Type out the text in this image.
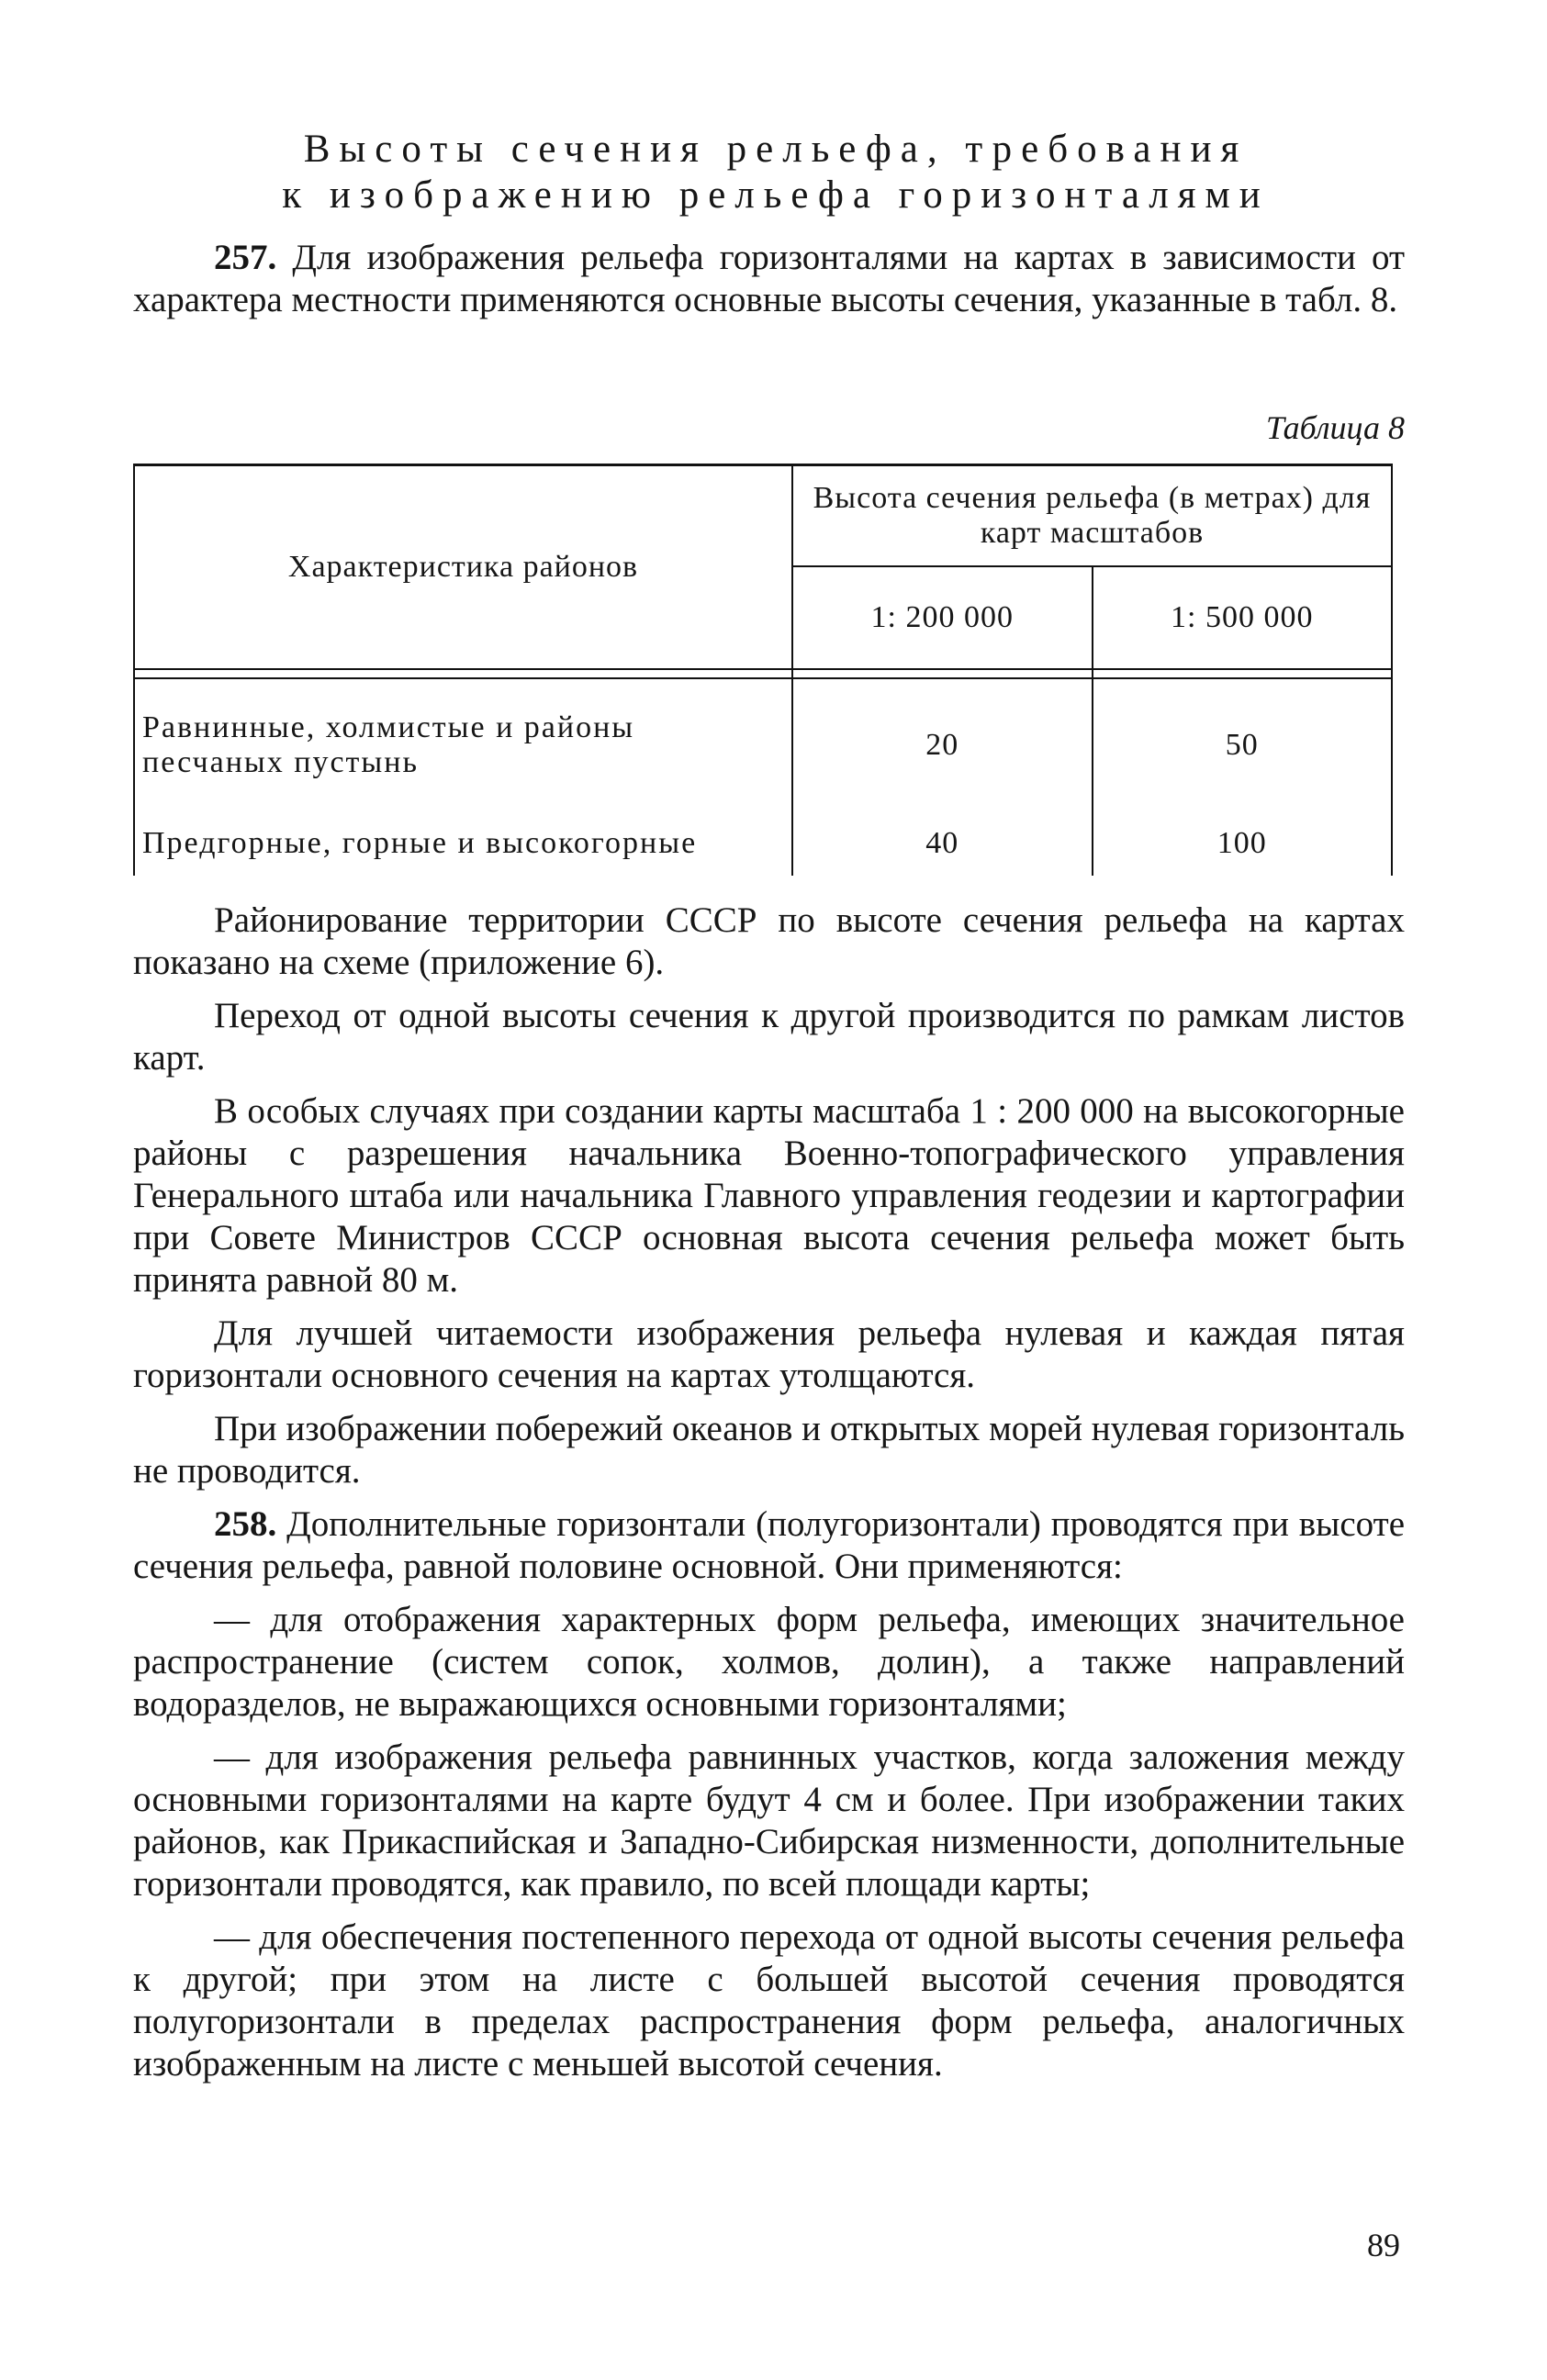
Высоты сечения рельефа, требования
к изображению рельефа горизонталями

257. Для изображения рельефа горизонталями на картах в зависимости от характера местности применяются основные высоты сечения, указанные в табл. 8.

Таблица 8
Характеристика районов	Высота сечения рельефа (в метрах) для карт масштабов	
	1: 200 000	1: 500 000

Равнинные, холмистые и районы песчаных пустынь	20	50
Предгорные, горные и высокогорные	40	100

Районирование территории СССР по высоте сечения рельефа на картах показано на схеме (приложение 6).

Переход от одной высоты сечения к другой производится по рамкам листов карт.

В особых случаях при создании карты масштаба 1 : 200 000 на высокогорные районы с разрешения начальника Военно-топографического управления Генерального штаба или начальника Главного управления геодезии и картографии при Совете Министров СССР основная высота сечения рельефа может быть принята равной 80 м.

Для лучшей читаемости изображения рельефа нулевая и каждая пятая горизонтали основного сечения на картах утолщаются.

При изображении побережий океанов и открытых морей нулевая горизонталь не проводится.

258. Дополнительные горизонтали (полугоризонтали) проводятся при высоте сечения рельефа, равной половине основной. Они применяются:

— для отображения характерных форм рельефа, имеющих значительное распространение (систем сопок, холмов, долин), а также направлений водоразделов, не выражающихся основными горизонталями;

— для изображения рельефа равнинных участков, когда заложения между основными горизонталями на карте будут 4 см и более. При изображении таких районов, как Прикаспийская и Западно-Сибирская низменности, дополнительные горизонтали проводятся, как правило, по всей площади карты;

— для обеспечения постепенного перехода от одной высоты сечения рельефа к другой; при этом на листе с большей высотой сечения проводятся полугоризонтали в пределах распространения форм рельефа, аналогичных изображенным на листе с меньшей высотой сечения.

89
